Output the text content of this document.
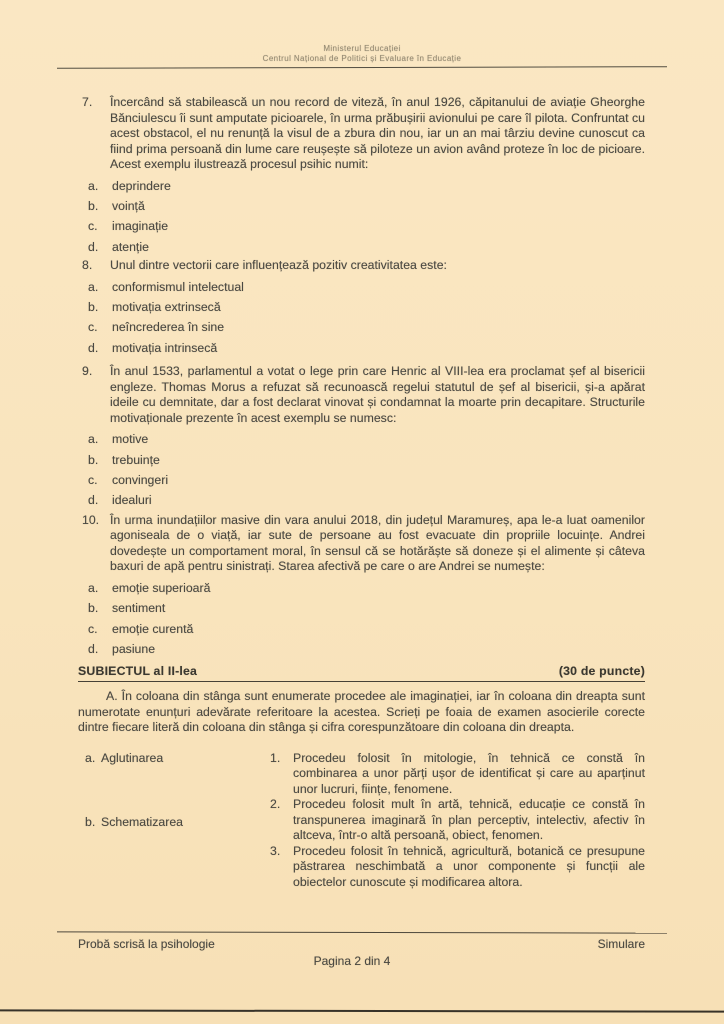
Ministerul Educației
Centrul Național de Politici și Evaluare în Educație
7.	Încercând să stabilească un nou record de viteză, în anul 1926, căpitanului de aviație Gheorghe Bănciulescu îi sunt amputate picioarele, în urma prăbușirii avionului pe care îl pilota. Confruntat cu acest obstacol, el nu renunță la visul de a zbura din nou, iar un an mai târziu devine cunoscut ca fiind prima persoană din lume care reușește să piloteze un avion având proteze în loc de picioare. Acest exemplu ilustrează procesul psihic numit:
a.	deprindere
b.	voință
c.	imaginație
d.	atenție
8.	Unul dintre vectorii care influențează pozitiv creativitatea este:
a.	conformismul intelectual
b.	motivația extrinsecă
c.	neîncrederea în sine
d.	motivația intrinsecă
9.	În anul 1533, parlamentul a votat o lege prin care Henric al VIII-lea era proclamat șef al bisericii engleze. Thomas Morus a refuzat să recunoască regelui statutul de șef al bisericii, și-a apărat ideile cu demnitate, dar a fost declarat vinovat și condamnat la moarte prin decapitare. Structurile motivaționale prezente în acest exemplu se numesc:
a.	motive
b.	trebuințe
c.	convingeri
d.	idealuri
10. În urma inundațiilor masive din vara anului 2018, din județul Maramureș, apa le-a luat oamenilor agoniseala de o viață, iar sute de persoane au fost evacuate din propriile locuințe. Andrei dovedește un comportament moral, în sensul că se hotărăște să doneze și el alimente și câteva baxuri de apă pentru sinistrați. Starea afectivă pe care o are Andrei se numește:
a.	emoție superioară
b.	sentiment
c.	emoție curentă
d.	pasiune
SUBIECTUL al II-lea	(30 de puncte)
A. În coloana din stânga sunt enumerate procedee ale imaginației, iar în coloana din dreapta sunt numerotate enunțuri adevărate referitoare la acestea. Scrieți pe foaia de examen asocierile corecte dintre fiecare literă din coloana din stânga și cifra corespunzătoare din coloana din dreapta.
a. Aglutinarea
b. Schematizarea
1.	Procedeu folosit în mitologie, în tehnică ce constă în combinarea a unor părți ușor de identificat și care au aparținut unor lucruri, ființe, fenomene.
2.	Procedeu folosit mult în artă, tehnică, educație ce constă în transpunerea imaginară în plan perceptiv, intelectiv, afectiv în altceva, într-o altă persoană, obiect, fenomen.
3.	Procedeu folosit în tehnică, agricultură, botanică ce presupune păstrarea neschimbată a unor componente și funcții ale obiectelor cunoscute și modificarea altora.
Probă scrisă la psihologie	Simulare
Pagina 2 din 4
